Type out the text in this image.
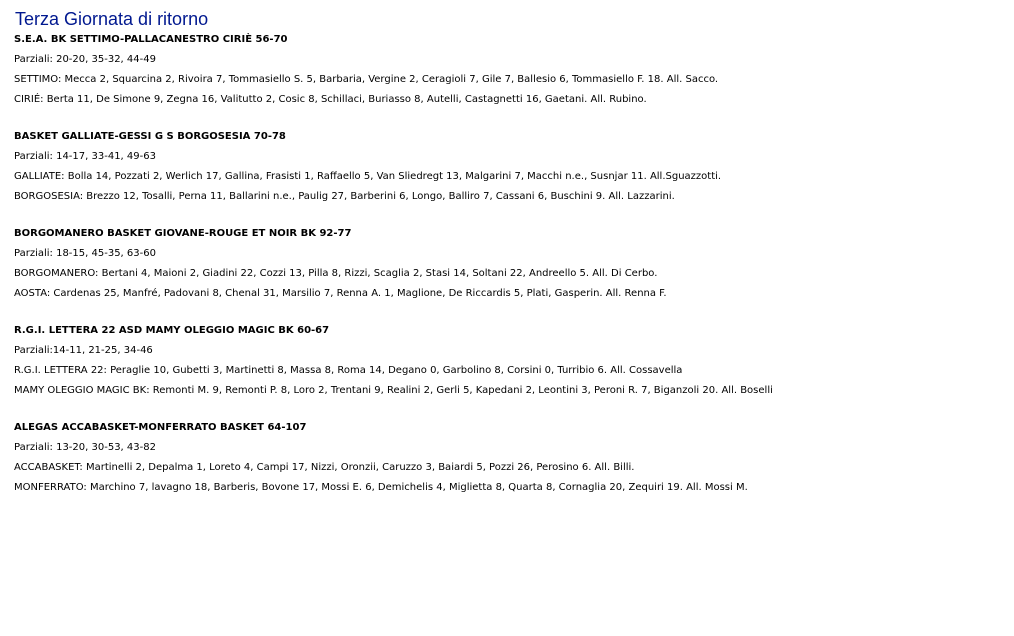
Terza Giornata di ritorno
S.E.A. BK SETTIMO-PALLACANESTRO CIRIÈ 56-70
Parziali: 20-20, 35-32, 44-49
SETTIMO: Mecca 2, Squarcina 2, Rivoira 7, Tommasiello S. 5, Barbaria, Vergine 2, Ceragioli 7, Gile 7, Ballesio 6, Tommasiello F. 18. All. Sacco.
CIRIÉ: Berta 11, De Simone 9, Zegna 16, Valitutto 2, Cosic 8, Schillaci, Buriasso 8, Autelli, Castagnetti 16, Gaetani. All. Rubino.
BASKET GALLIATE-GESSI G S BORGOSESIA 70-78
Parziali: 14-17, 33-41, 49-63
GALLIATE: Bolla 14, Pozzati 2, Werlich 17, Gallina, Frasisti 1, Raffaello 5, Van Sliedregt 13, Malgarini 7, Macchi n.e., Susnjar 11. All.Sguazzotti.
BORGOSESIA: Brezzo 12, Tosalli, Perna 11, Ballarini n.e., Paulig 27, Barberini 6, Longo, Balliro 7, Cassani 6, Buschini 9. All. Lazzarini.
BORGOMANERO BASKET GIOVANE-ROUGE ET NOIR BK 92-77
Parziali: 18-15, 45-35, 63-60
BORGOMANERO: Bertani 4, Maioni 2, Giadini 22, Cozzi 13, Pilla 8, Rizzi, Scaglia 2, Stasi 14, Soltani 22, Andreello 5. All. Di Cerbo.
AOSTA: Cardenas 25, Manfré, Padovani 8, Chenal 31, Marsilio 7, Renna A. 1, Maglione, De Riccardis 5, Plati, Gasperin. All. Renna F.
R.G.I. LETTERA 22 ASD MAMY OLEGGIO MAGIC BK 60-67
Parziali:14-11, 21-25, 34-46
R.G.I. LETTERA 22: Peraglie 10, Gubetti 3, Martinetti 8, Massa 8, Roma 14, Degano 0, Garbolino 8, Corsini 0, Turribio 6. All. Cossavella
MAMY OLEGGIO MAGIC BK: Remonti M. 9, Remonti P. 8, Loro 2, Trentani 9, Realini 2, Gerli 5, Kapedani 2, Leontini 3, Peroni R. 7, Biganzoli 20. All. Boselli
ALEGAS ACCABASKET-MONFERRATO BASKET 64-107
Parziali: 13-20, 30-53, 43-82
ACCABASKET: Martinelli 2, Depalma 1, Loreto 4, Campi 17, Nizzi, Oronzii, Caruzzo 3, Baiardi 5, Pozzi 26, Perosino 6. All. Billi.
MONFERRATO: Marchino 7, lavagno 18, Barberis, Bovone 17, Mossi E. 6, Demichelis 4, Miglietta 8, Quarta 8, Cornaglia 20, Zequiri 19. All. Mossi M.
